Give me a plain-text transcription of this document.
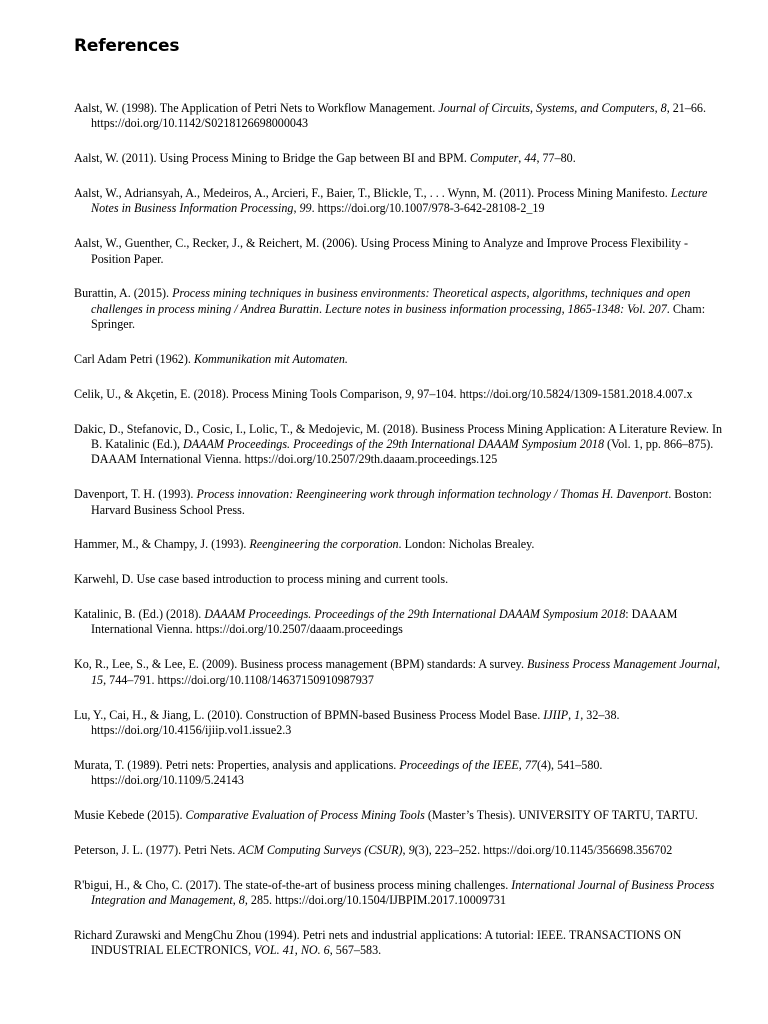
References
Aalst, W. (1998). The Application of Petri Nets to Workflow Management. Journal of Circuits, Systems, and Computers, 8, 21–66. https://doi.org/10.1142/S0218126698000043
Aalst, W. (2011). Using Process Mining to Bridge the Gap between BI and BPM. Computer, 44, 77–80.
Aalst, W., Adriansyah, A., Medeiros, A., Arcieri, F., Baier, T., Blickle, T., . . . Wynn, M. (2011). Process Mining Manifesto. Lecture Notes in Business Information Processing, 99. https://doi.org/10.1007/978-3-642-28108-2_19
Aalst, W., Guenther, C., Recker, J., & Reichert, M. (2006). Using Process Mining to Analyze and Improve Process Flexibility - Position Paper.
Burattin, A. (2015). Process mining techniques in business environments: Theoretical aspects, algorithms, techniques and open challenges in process mining / Andrea Burattin. Lecture notes in business information processing, 1865-1348: Vol. 207. Cham: Springer.
Carl Adam Petri (1962). Kommunikation mit Automaten.
Celik, U., & Akçetin, E. (2018). Process Mining Tools Comparison, 9, 97–104. https://doi.org/10.5824/1309-1581.2018.4.007.x
Dakic, D., Stefanovic, D., Cosic, I., Lolic, T., & Medojevic, M. (2018). Business Process Mining Application: A Literature Review. In B. Katalinic (Ed.), DAAAM Proceedings. Proceedings of the 29th International DAAAM Symposium 2018 (Vol. 1, pp. 866–875). DAAAM International Vienna. https://doi.org/10.2507/29th.daaam.proceedings.125
Davenport, T. H. (1993). Process innovation: Reengineering work through information technology / Thomas H. Davenport. Boston: Harvard Business School Press.
Hammer, M., & Champy, J. (1993). Reengineering the corporation. London: Nicholas Brealey.
Karwehl, D. Use case based introduction to process mining and current tools.
Katalinic, B. (Ed.) (2018). DAAAM Proceedings. Proceedings of the 29th International DAAAM Symposium 2018: DAAAM International Vienna. https://doi.org/10.2507/daaam.proceedings
Ko, R., Lee, S., & Lee, E. (2009). Business process management (BPM) standards: A survey. Business Process Management Journal, 15, 744–791. https://doi.org/10.1108/14637150910987937
Lu, Y., Cai, H., & Jiang, L. (2010). Construction of BPMN-based Business Process Model Base. IJIIP, 1, 32–38. https://doi.org/10.4156/ijiip.vol1.issue2.3
Murata, T. (1989). Petri nets: Properties, analysis and applications. Proceedings of the IEEE, 77(4), 541–580. https://doi.org/10.1109/5.24143
Musie Kebede (2015). Comparative Evaluation of Process Mining Tools (Master’s Thesis). UNIVERSITY OF TARTU, TARTU.
Peterson, J. L. (1977). Petri Nets. ACM Computing Surveys (CSUR), 9(3), 223–252. https://doi.org/10.1145/356698.356702
R'bigui, H., & Cho, C. (2017). The state-of-the-art of business process mining challenges. International Journal of Business Process Integration and Management, 8, 285. https://doi.org/10.1504/IJBPIM.2017.10009731
Richard Zurawski and MengChu Zhou (1994). Petri nets and industrial applications: A tutorial: IEEE. TRANSACTIONS ON INDUSTRIAL ELECTRONICS, VOL. 41, NO. 6, 567–583.
